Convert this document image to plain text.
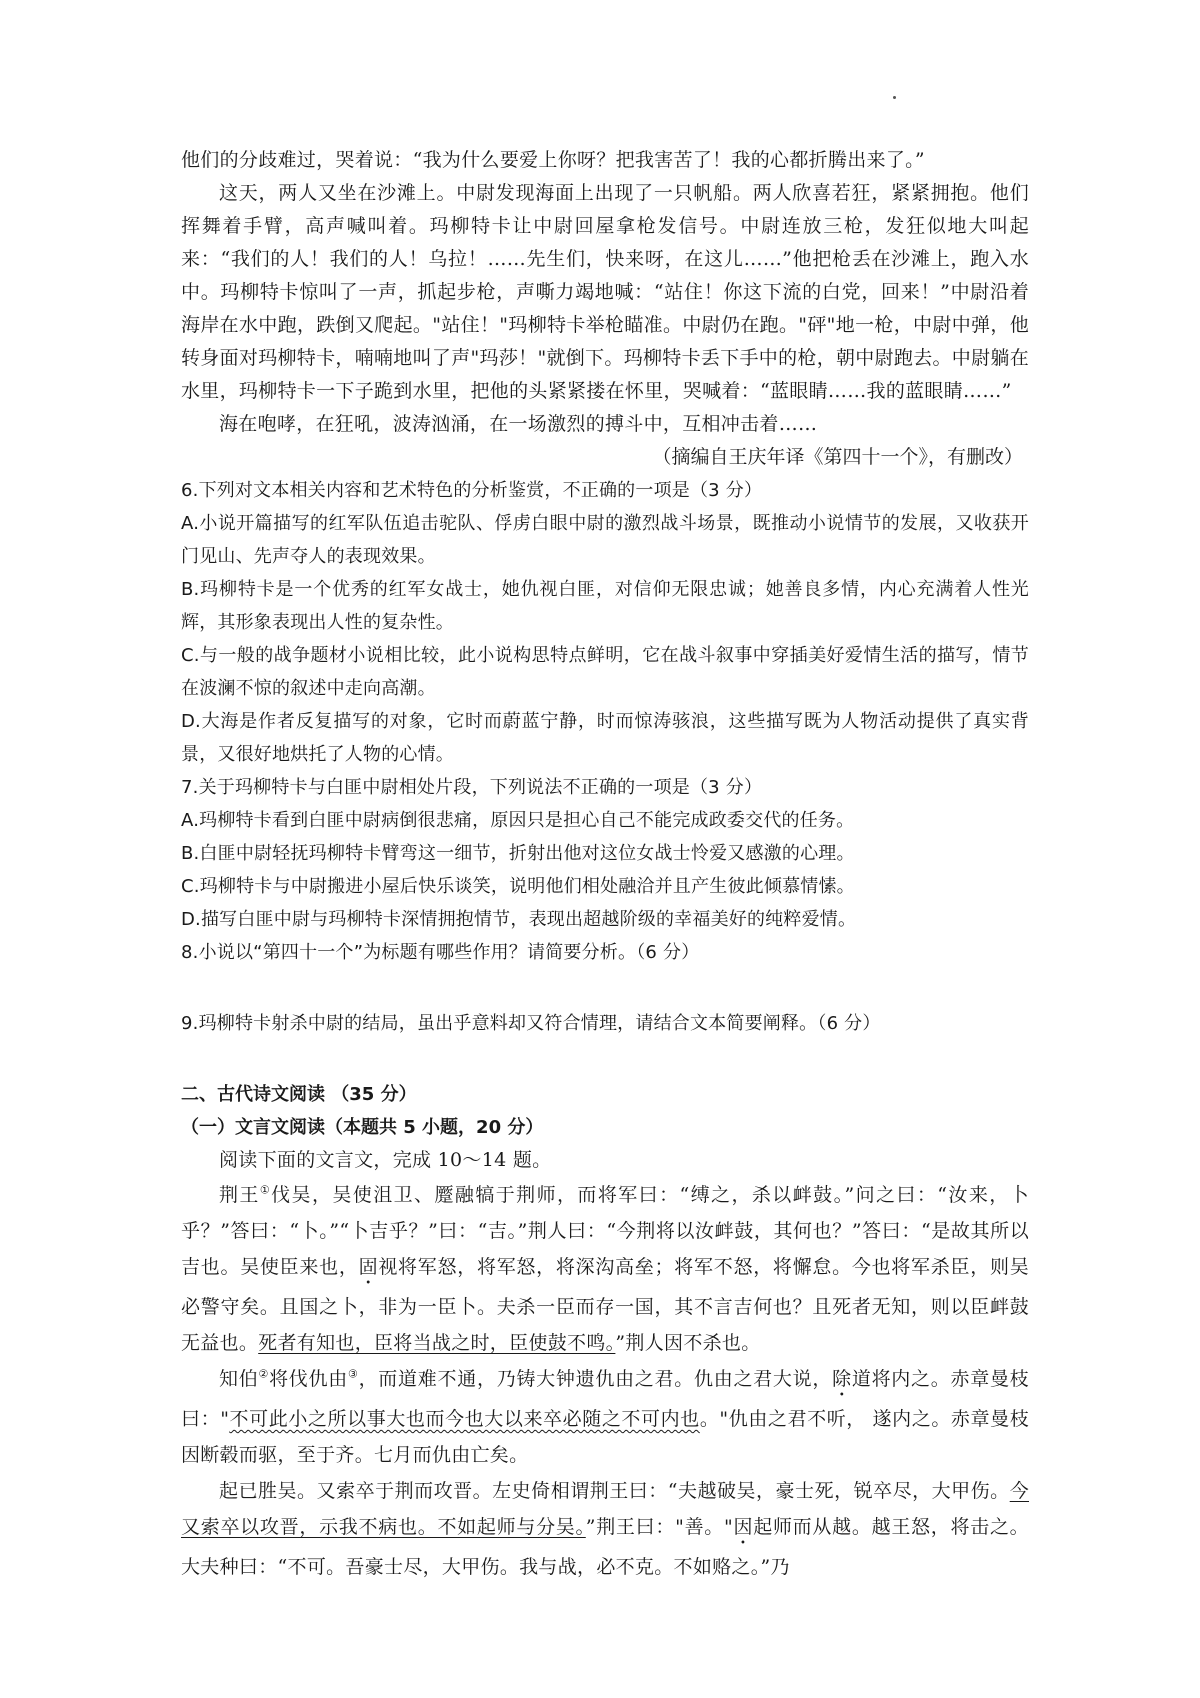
他们的分歧难过，哭着说：“我为什么要爱上你呀？把我害苦了！我的心都折腾出来了。”

这天，两人又坐在沙滩上。中尉发现海面上出现了一只帆船。两人欣喜若狂，紧紧拥抱。他们挥舞着手臂，高声喊叫着。玛柳特卡让中尉回屋拿枪发信号。中尉连放三枪，发狂似地大叫起来：“我们的人！我们的人！乌拉！……先生们，快来呀，在这儿……”他把枪丢在沙滩上，跑入水中。玛柳特卡惊叫了一声，抓起步枪，声嘶力竭地喊：“站住！你这下流的白党，回来！”中尉沿着海岸在水中跑，跌倒又爬起。"站住！"玛柳特卡举枪瞄准。中尉仍在跑。"砰"地一枪，中尉中弹，他转身面对玛柳特卡，喃喃地叫了声"玛莎！"就倒下。玛柳特卡丢下手中的枪，朝中尉跑去。中尉躺在水里，玛柳特卡一下子跪到水里，把他的头紧紧搂在怀里，哭喊着：“蓝眼睛……我的蓝眼睛……”

海在咆哮，在狂吼，波涛汹涌，在一场激烈的搏斗中，互相冲击着……

（摘编自王庆年译《第四十一个》，有删改）

6.下列对文本相关内容和艺术特色的分析鉴赏，不正确的一项是（3 分）

A.小说开篇描写的红军队伍追击驼队、俘虏白眼中尉的激烈战斗场景，既推动小说情节的发展，又收获开门见山、先声夺人的表现效果。

B.玛柳特卡是一个优秀的红军女战士，她仇视白匪，对信仰无限忠诚；她善良多情，内心充满着人性光辉，其形象表现出人性的复杂性。

C.与一般的战争题材小说相比较，此小说构思特点鲜明，它在战斗叙事中穿插美好爱情生活的描写，情节在波澜不惊的叙述中走向高潮。

D.大海是作者反复描写的对象，它时而蔚蓝宁静，时而惊涛骇浪，这些描写既为人物活动提供了真实背景，又很好地烘托了人物的心情。

7.关于玛柳特卡与白匪中尉相处片段，下列说法不正确的一项是（3 分）

A.玛柳特卡看到白匪中尉病倒很悲痛，原因只是担心自己不能完成政委交代的任务。

B.白匪中尉轻抚玛柳特卡臂弯这一细节，折射出他对这位女战士怜爱又感激的心理。

C.玛柳特卡与中尉搬进小屋后快乐谈笑，说明他们相处融洽并且产生彼此倾慕情愫。

D.描写白匪中尉与玛柳特卡深情拥抱情节，表现出超越阶级的幸福美好的纯粹爱情。

8.小说以“第四十一个”为标题有哪些作用？请简要分析。（6 分）

9.玛柳特卡射杀中尉的结局，虽出乎意料却又符合情理，请结合文本简要阐释。（6 分）

二、古代诗文阅读 （35 分）

（一）文言文阅读（本题共 5 小题，20 分）

阅读下面的文言文，完成 10～14 题。

荆王①伐吴，吴使沮卫、蹷融犒于荆师，而将军曰：“缚之，杀以衅鼓。”问之曰：“汝来，卜乎？”答曰：“卜。”“卜吉乎？”曰：“吉。”荆人曰：“今荆将以汝衅鼓，其何也？”答曰：“是故其所以吉也。吴使臣来也，固视将军怒，将军怒，将深沟高垒；将军不怒，将懈怠。今也将军杀臣，则吴必警守矣。且国之卜，非为一臣卜。夫杀一臣而存一国，其不言吉何也？且死者无知，则以臣衅鼓无益也。死者有知也，臣将当战之时，臣使鼓不鸣。”荆人因不杀也。

知伯②将伐仇由③，而道难不通，乃铸大钟遗仇由之君。仇由之君大说，除道将内之。赤章曼枝曰："不可此小之所以事大也而今也大以来卒必随之不可内也。"仇由之君不听， 遂内之。赤章曼枝因断毂而驱，至于齐。七月而仇由亡矣。

起已胜吴。又索卒于荆而攻晋。左史倚相谓荆王曰：“夫越破吴，豪士死，锐卒尽，大甲伤。今又索卒以攻晋，示我不病也。不如起师与分吴。”荆王曰："善。"因起师而从越。越王怒，将击之。大夫种曰：“不可。吾豪士尽，大甲伤。我与战，必不克。不如赂之。”乃
